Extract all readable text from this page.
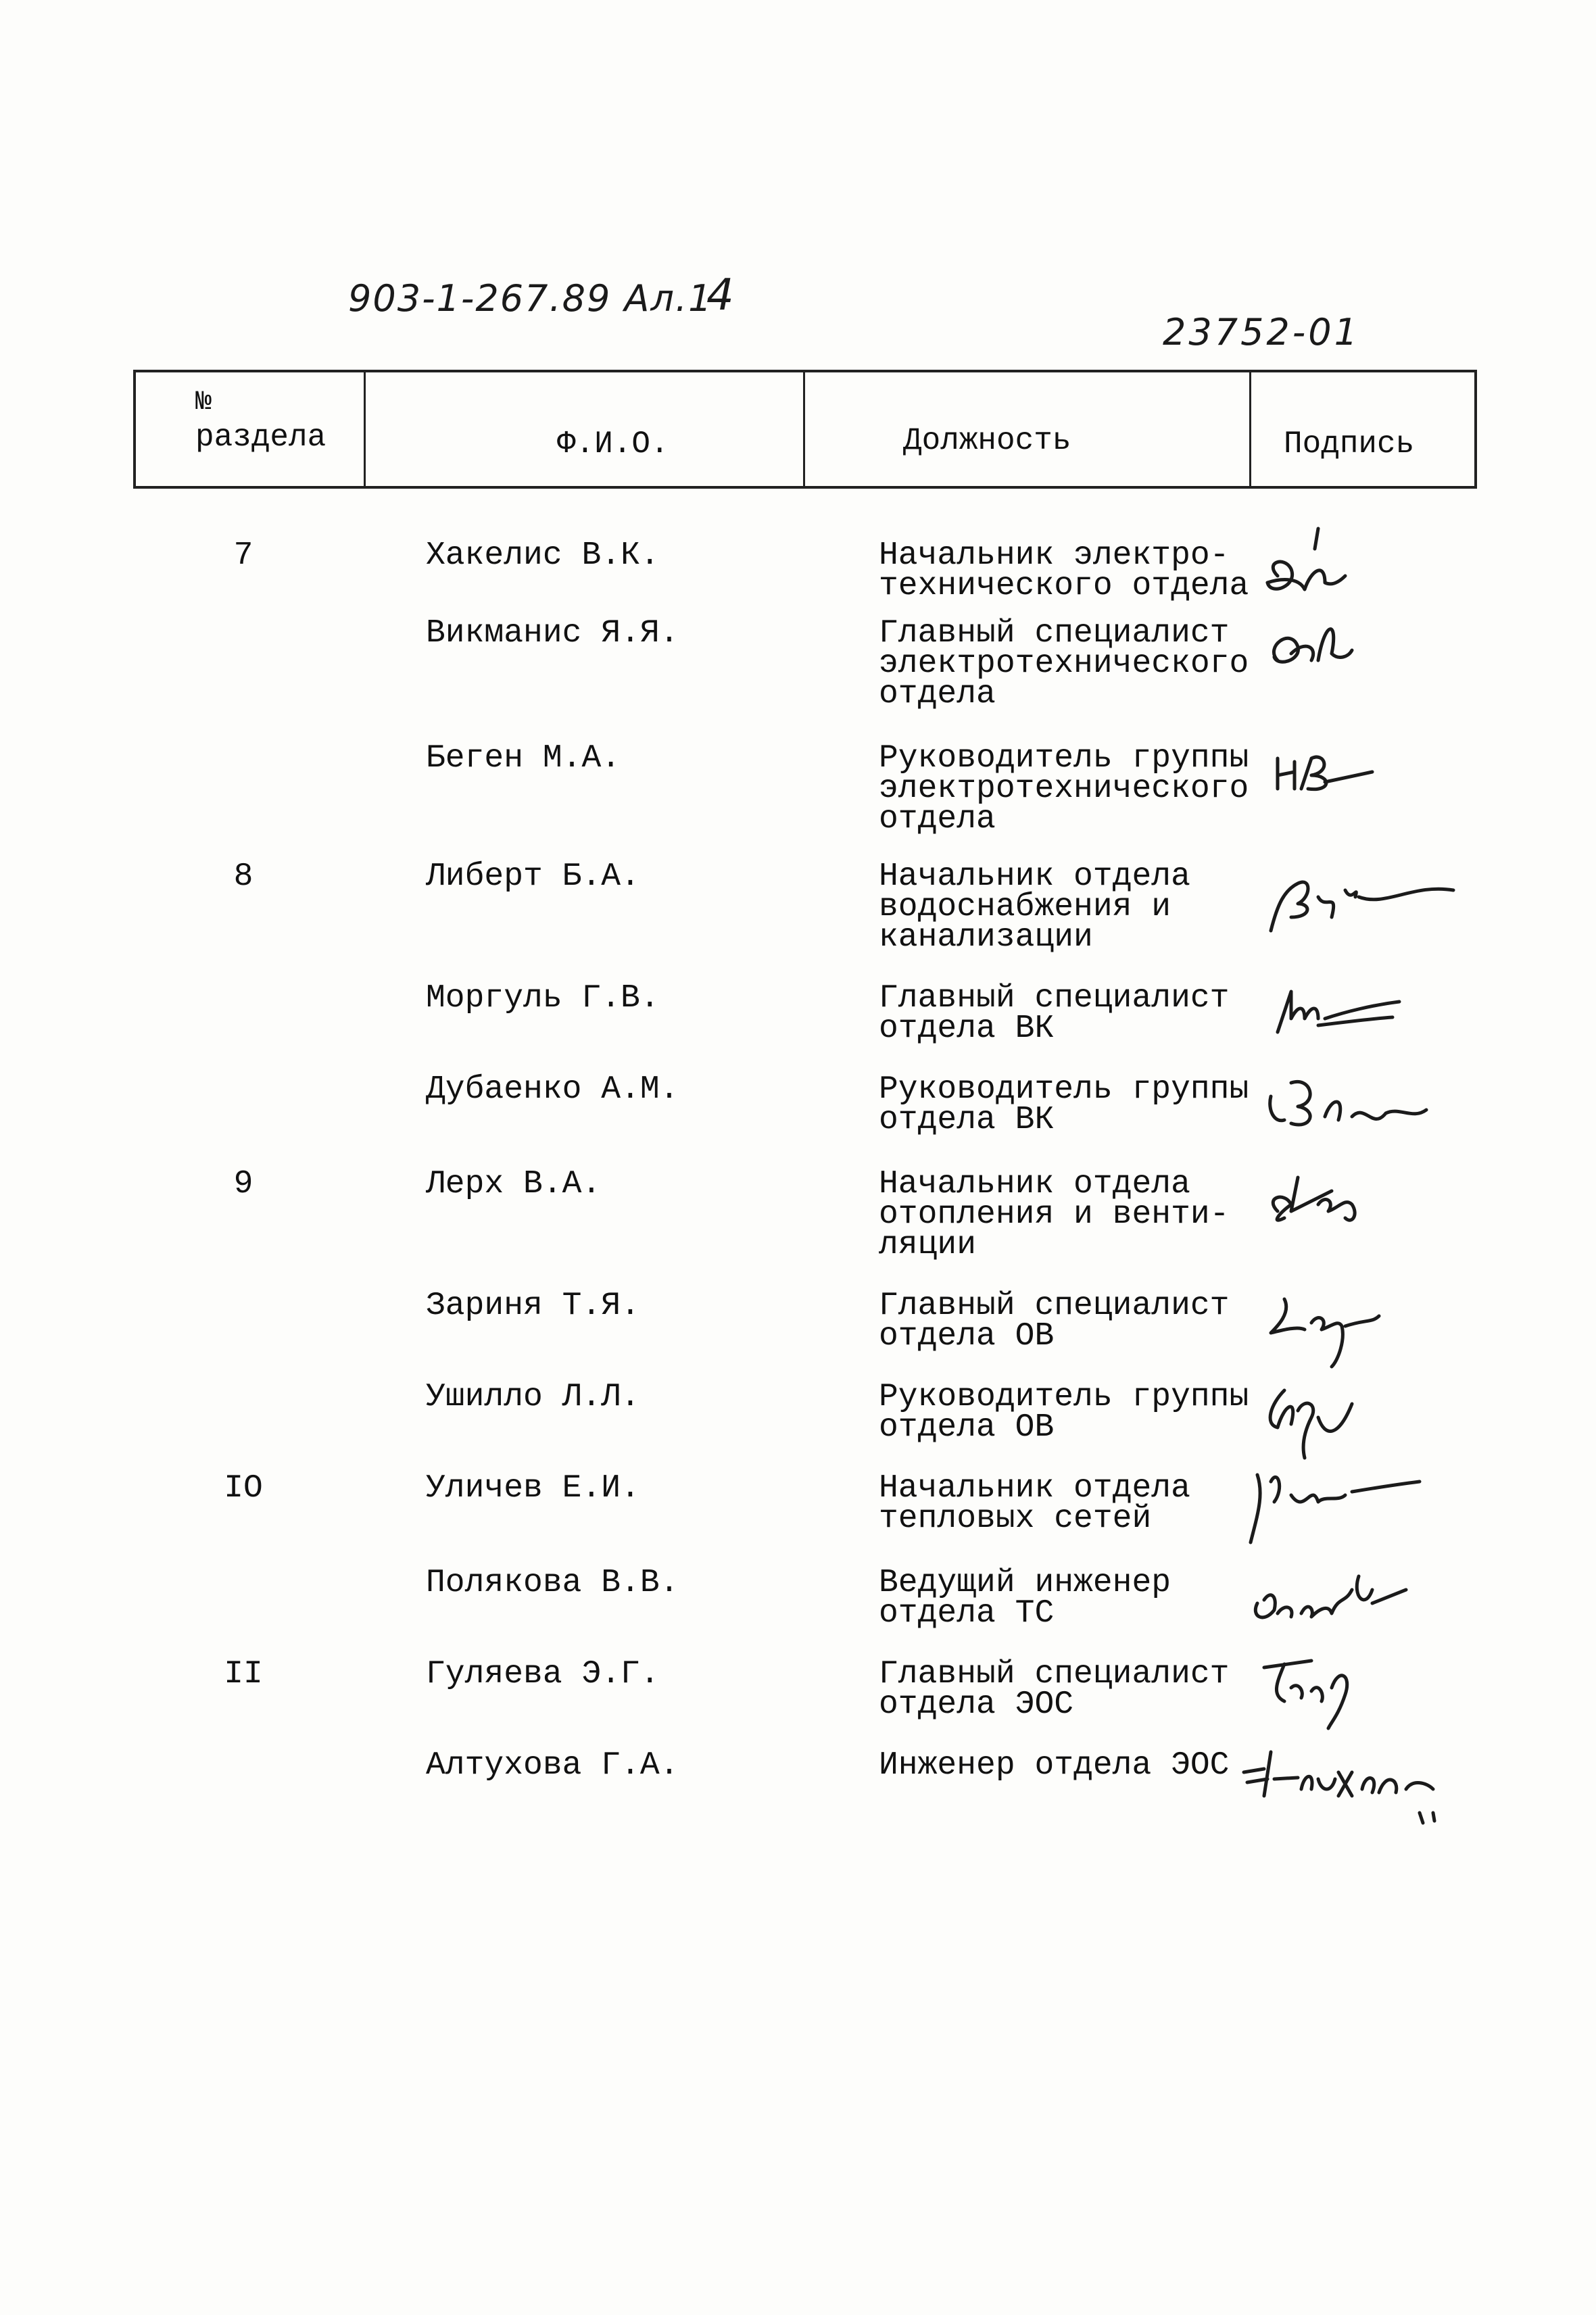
903-1-267.89 Ал.1
4
23752-01
№
раздела	Ф.И.О.	Должность	Подпись
7	Хакелис В.К.	Начальник электро-
технического отдела
Викманис Я.Я.	Главный специалист
электротехнического
отдела
Беген М.А.	Руководитель группы
электротехнического
отдела
8	Либерт Б.А.	Начальник отдела
водоснабжения и
канализации
Моргуль Г.В.	Главный специалист
отдела ВК
Дубаенко А.М.	Руководитель группы
отдела ВК
9	Лерх В.А.	Начальник отдела
отопления и венти-
ляции
Зариня Т.Я.	Главный специалист
отдела ОВ
Ушилло Л.Л.	Руководитель группы
отдела ОВ
IO	Уличев Е.И.	Начальник отдела
тепловых сетей
Полякова В.В.	Ведущий инженер
отдела ТС
II	Гуляева Э.Г.	Главный специалист
отдела ЭОС
Алтухова Г.А.	Инженер отдела ЭОС
